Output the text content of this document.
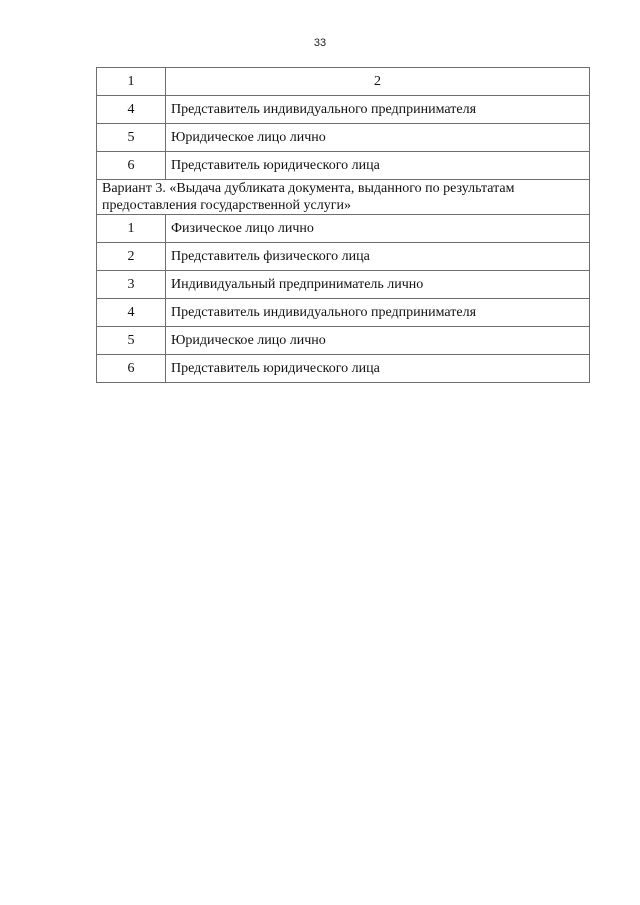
33
1	2
4	Представитель индивидуального предпринимателя
5	Юридическое лицо лично
6	Представитель юридического лица
Вариант 3. «Выдача дубликата документа, выданного по результатам предоставления государственной услуги»	
1	Физическое лицо лично
2	Представитель физического лица
3	Индивидуальный предприниматель лично
4	Представитель индивидуального предпринимателя
5	Юридическое лицо лично
6	Представитель юридического лица
